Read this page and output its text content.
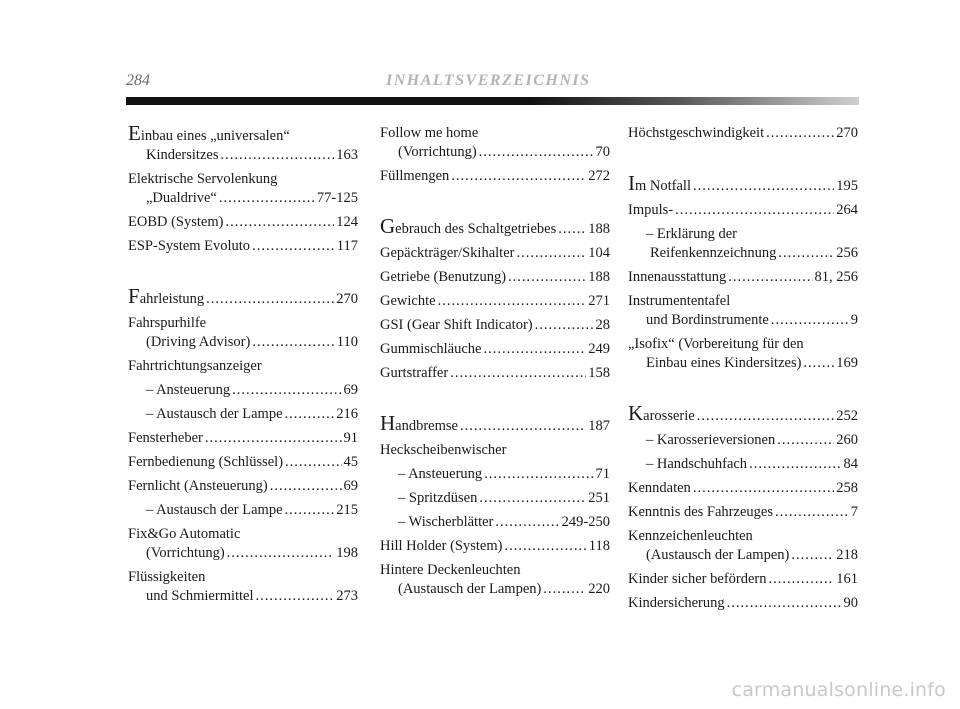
284	INHALTSVERZEICHNIS
Einbau eines „universalen“
Kindersitzes .....	163
Elektrische Servolenkung
„Dualdrive“ .....	77-125
EOBD (System) .....	124
ESP-System Evoluto .....	117
Fahrleistung .....	270
Fahrspurhilfe
(Driving Advisor) .....	110
Fahrtrichtungsanzeiger
– Ansteuerung .....	69
– Austausch der Lampe .....	216
Fensterheber .....	91
Fernbedienung (Schlüssel) .....	45
Fernlicht (Ansteuerung) .....	69
– Austausch der Lampe .....	215
Fix&Go Automatic
(Vorrichtung) .....	198
Flüssigkeiten
und Schmiermittel .....	273
Follow me home
(Vorrichtung) .....	70
Füllmengen .....	272
Gebrauch des Schaltgetriebes ..... 188
Gepäckträger/Skihalter .....	104
Getriebe (Benutzung) .....	188
Gewichte .....	271
GSI (Gear Shift Indicator) .....	28
Gummischläuche .....	249
Gurtstraffer .....	158
Handbremse .....	187
Heckscheibenwischer
– Ansteuerung .....	71
– Spritzdüsen .....	251
– Wischerblätter .....	249-250
Hill Holder (System) .....	118
Hintere Deckenleuchten
(Austausch der Lampen) .....	220
Höchstgeschwindigkeit .....	270
Im Notfall .....	195
Impuls- .....	264
– Erklärung der
Reifenkennzeichnung .....	256
Innenausstattung .....	81, 256
Instrumententafel
und Bordinstrumente .....	9
„Isofix“ (Vorbereitung für den
Einbau eines Kindersitzes) ..... 169
Karosserie .....	252
– Karosserieversionen .....	260
– Handschuhfach .....	84
Kenndaten .....	258
Kenntnis des Fahrzeuges .....	7
Kennzeichenleuchten
(Austausch der Lampen) .....	218
Kinder sicher befördern .....	161
Kindersicherung .....	90
carmanualsonline.info
